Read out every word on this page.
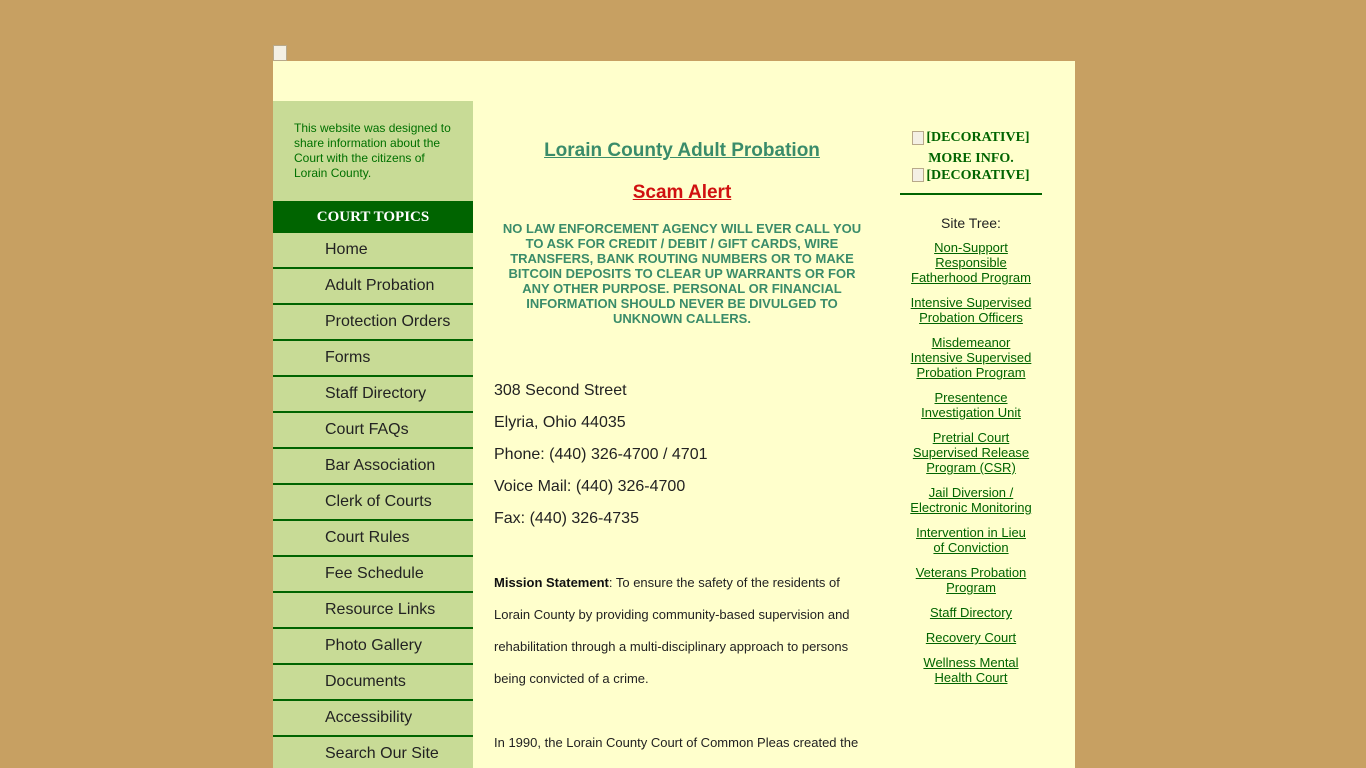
This website was designed to share information about the Court with the citizens of Lorain County.
COURT TOPICS
Home
Adult Probation
Protection Orders
Forms
Staff Directory
Court FAQs
Bar Association
Clerk of Courts
Court Rules
Fee Schedule
Resource Links
Photo Gallery
Documents
Accessibility
Search Our Site
Lorain County Adult Probation
Scam Alert
NO LAW ENFORCEMENT AGENCY WILL EVER CALL YOU TO ASK FOR CREDIT / DEBIT / GIFT CARDS, WIRE TRANSFERS, BANK ROUTING NUMBERS OR TO MAKE BITCOIN DEPOSITS TO CLEAR UP WARRANTS OR FOR ANY OTHER PURPOSE. PERSONAL OR FINANCIAL INFORMATION SHOULD NEVER BE DIVULGED TO UNKNOWN CALLERS.
308 Second Street
Elyria, Ohio 44035
Phone: (440) 326-4700 / 4701
Voice Mail: (440) 326-4700
Fax: (440) 326-4735
Mission Statement: To ensure the safety of the residents of Lorain County by providing community-based supervision and rehabilitation through a multi-disciplinary approach to persons being convicted of a crime.
In 1990, the Lorain County Court of Common Pleas created the
[DECORATIVE]
MORE INFO.
[DECORATIVE]
Site Tree:
Non-Support Responsible Fatherhood Program
Intensive Supervised Probation Officers
Misdemeanor Intensive Supervised Probation Program
Presentence Investigation Unit
Pretrial Court Supervised Release Program (CSR)
Jail Diversion / Electronic Monitoring
Intervention in Lieu of Conviction
Veterans Probation Program
Staff Directory
Recovery Court
Wellness Mental Health Court
